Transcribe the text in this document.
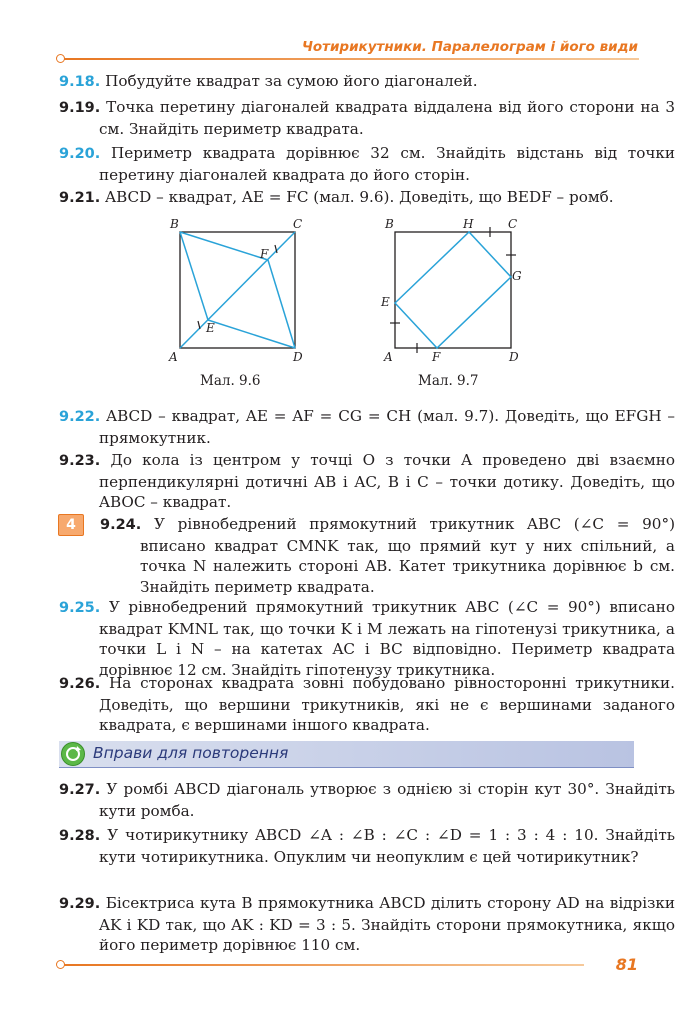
Чотирикутники. Паралелограм і його види
9.18. Побудуйте квадрат за сумою його діагоналей.
9.19. Точка перетину діагоналей квадрата віддалена від його сторони на 3 см. Знайдіть периметр квадрата.
9.20. Периметр квадрата дорівнює 32 см. Знайдіть відстань від точки перетину діагоналей квадрата до його сторін.
9.21. ABCD – квадрат, AE = FC (мал. 9.6). Доведіть, що BEDF – ромб.
B	C
A	D
E
F
Мал. 9.6
B	H	C
G
E
A	F	D
Мал. 9.7
9.22. ABCD – квадрат, AE = AF = CG = CH (мал. 9.7). Доведіть, що EFGH – прямокутник.
9.23. До кола із центром у точці O з точки A проведено дві взаємно перпендикулярні дотичні AB і AC, B і C – точки дотику. Доведіть, що ABOC – квадрат.
4	9.24. У рівнобедрений прямокутний трикутник ABC (∠C = 90°) вписано квадрат CMNK так, що прямий кут у них спільний, а точка N належить стороні AB. Катет трикутника дорівнює b см. Знайдіть периметр квадрата.
9.25. У рівнобедрений прямокутний трикутник ABC (∠C = 90°) вписано квадрат KMNL так, що точки K і M лежать на гіпотенузі трикутника, а точки L і N – на катетах AC і BC відповідно. Периметр квадрата дорівнює 12 см. Знайдіть гіпотенузу трикутника.
9.26. На сторонах квадрата зовні побудовано рівносторонні трикутники. Доведіть, що вершини трикутників, які не є вершинами заданого квадрата, є вершинами іншого квадрата.
Вправи для повторення
9.27. У ромбі ABCD діагональ утворює з однією зі сторін кут 30°. Знайдіть кути ромба.
9.28. У чотирикутнику ABCD ∠A : ∠B : ∠C : ∠D = 1 : 3 : 4 : 10. Знайдіть кути чотирикутника. Опуклим чи неопуклим є цей чотирикутник?
9.29. Бісектриса кута B прямокутника ABCD ділить сторону AD на відрізки AK і KD так, що AK : KD = 3 : 5. Знайдіть сторони прямокутника, якщо його периметр дорівнює 110 см.
81
